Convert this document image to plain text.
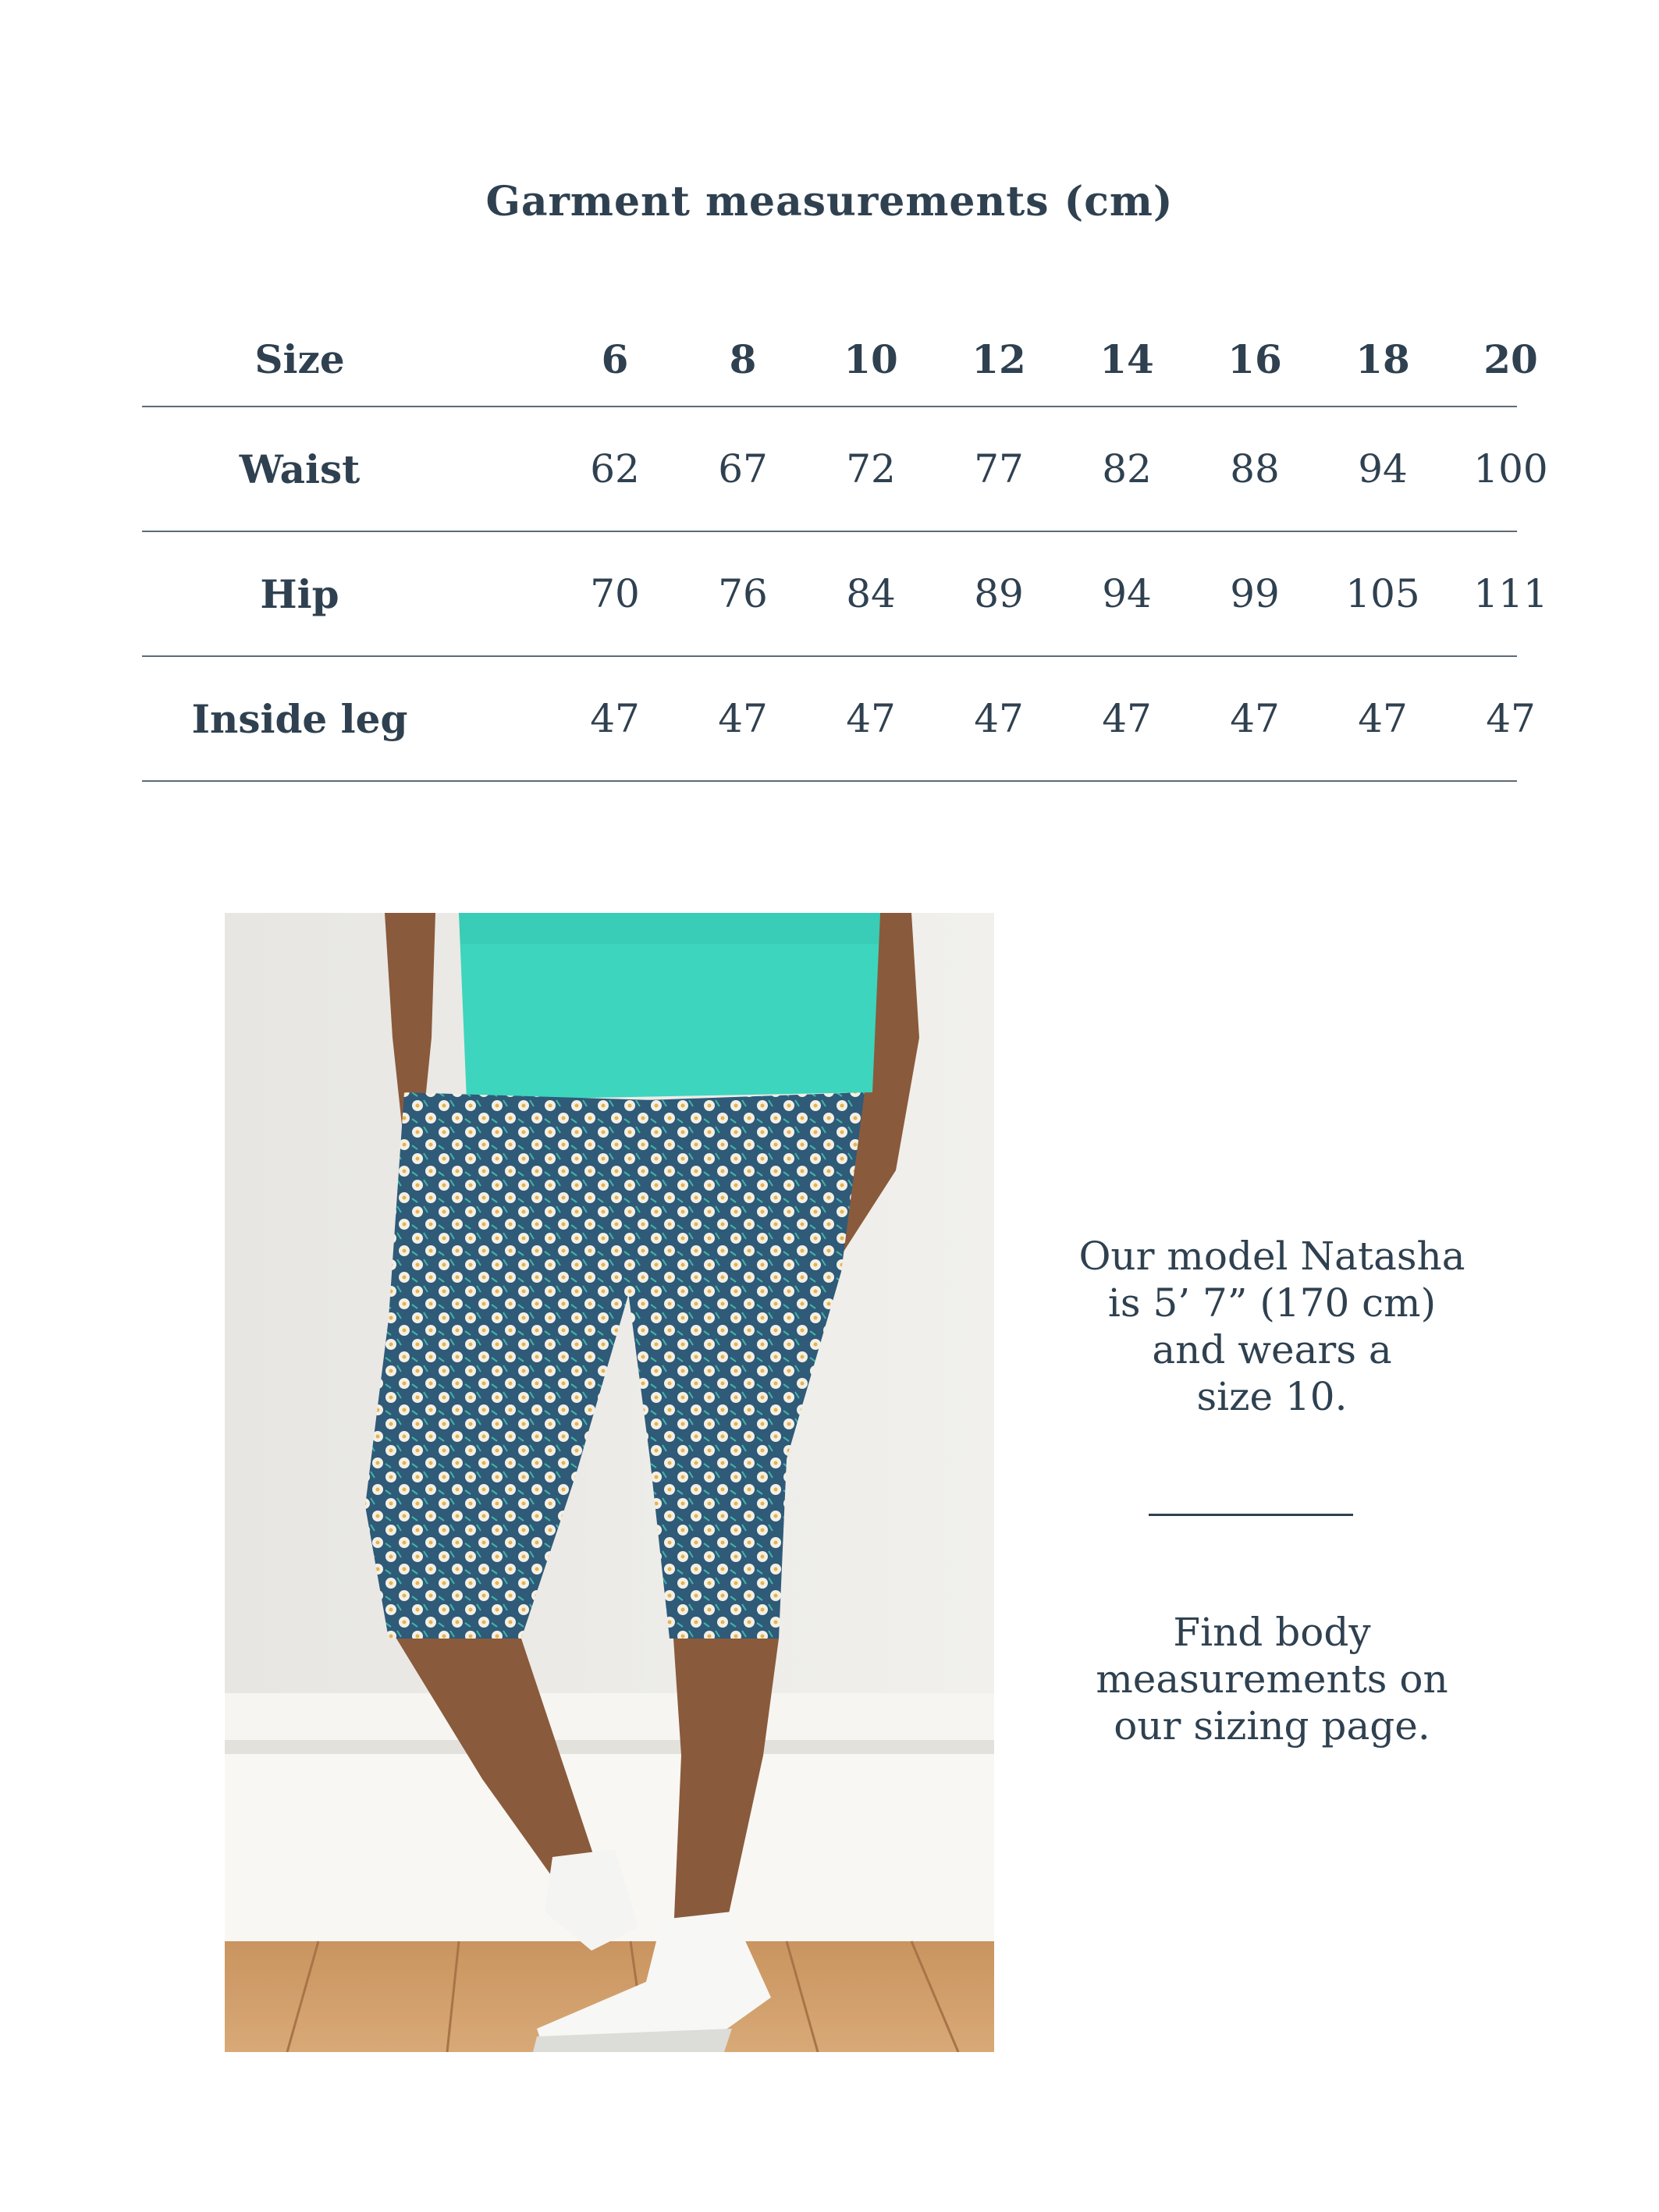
Garment measurements (cm)
Size	6	8	10	12	14	16	18	20
Waist	62	67	72	77	82	88	94	100
Hip	70	76	84	89	94	99	105	111
Inside leg	47	47	47	47	47	47	47	47
Our model Natasha
is 5’ 7” (170 cm)
and wears a
size 10.
Find body
measurements on
our sizing page.
